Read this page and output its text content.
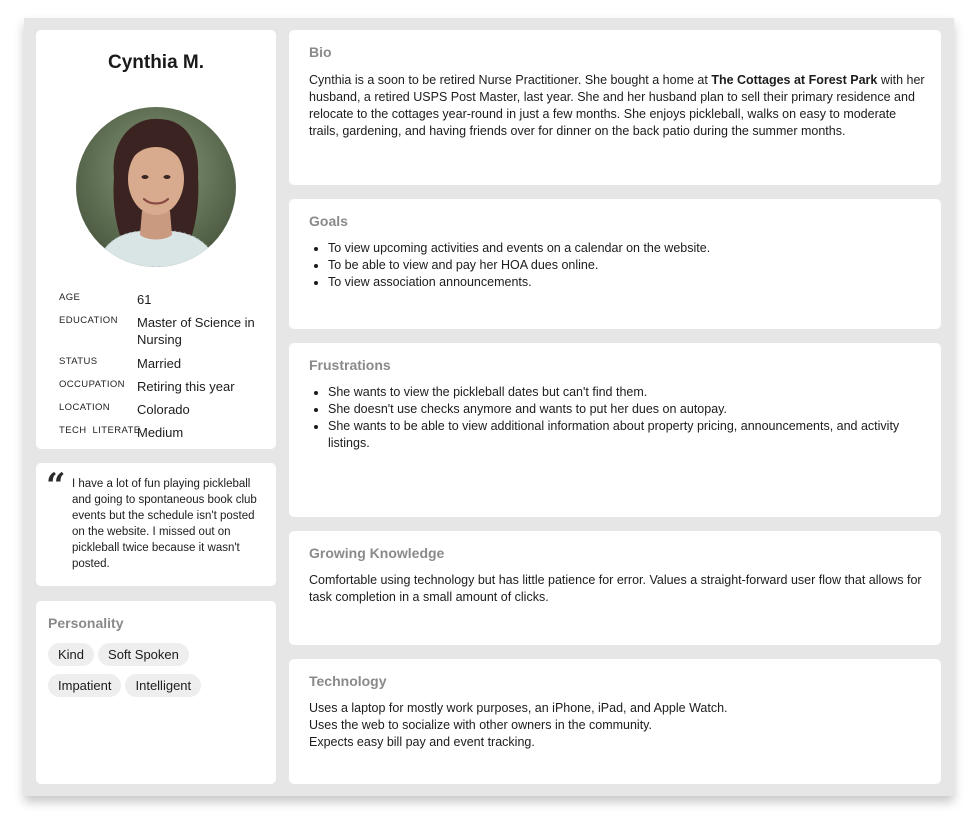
Cynthia M.
AGE	61
EDUCATION Master of Science in Nursing
STATUS	Married
OCCUPATION Retiring this year
LOCATION Colorado
TECH  LITERATE
Medium
“ I have a lot of fun playing pickleball and going to spontaneous book club events but the schedule isn't posted on the website. I missed out on pickleball twice because it wasn't posted.
Personality
Kind Soft Spoken
Impatient Intelligent
Bio
Cynthia is a soon to be retired Nurse Practitioner. She bought a home at The Cottages at Forest Park with her husband, a retired USPS Post Master, last year. She and her husband plan to sell their primary residence and relocate to the cottages year-round in just a few months. She enjoys pickleball, walks on easy to moderate trails, gardening, and having friends over for dinner on the back patio during the summer months.
Goals
• To view upcoming activities and events on a calendar on the website.
• To be able to view and pay her HOA dues online.
• To view association announcements.
Frustrations
• She wants to view the pickleball dates but can't find them.
• She doesn't use checks anymore and wants to put her dues on autopay.
• She wants to be able to view additional information about property pricing, announcements, and activity listings.
Growing Knowledge

Comfortable using technology but has little patience for error. Values a straight-forward user flow that allows for task completion in a small amount of clicks.

Technology

Uses a laptop for mostly work purposes, an iPhone, iPad, and Apple Watch.

Uses the web to socialize with other owners in the community.

Expects easy bill pay and event tracking.
